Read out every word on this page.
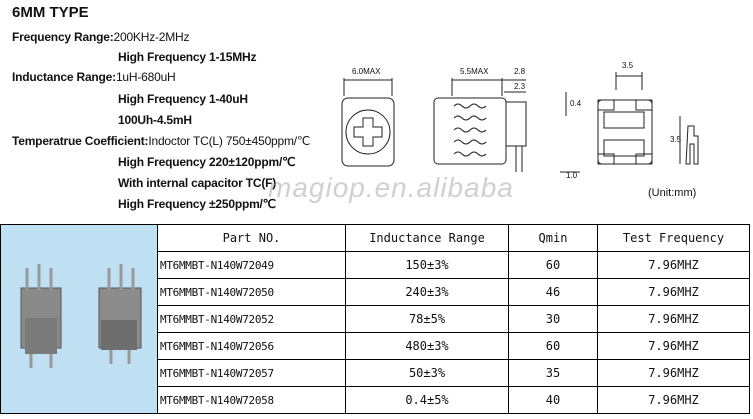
6MM TYPE
Frequency Range:200KHz-2MHz
High Frequency 1-15MHz
Inductance Range:1uH-680uH
High Frequency 1-40uH
100Uh-4.5mH
Temperatrue Coefficient:Indoctor TC(L) 750±450ppm/℃
High Frequency 220±120ppm/℃
With internal capacitor TC(F)
High Frequency ±250ppm/℃
magiop.en.alibaba
6.0MAX	5.5MAX	2.8
2.3
0.4
1.0
3.5
3.5
(Unit:mm)
	Part NO.	Inductance Range	Qmin	Test Frequency
	MT6MMBT-N140W72049	150±3%	60	7.96MHZ
	MT6MMBT-N140W72050	240±3%	46	7.96MHZ
	MT6MMBT-N140W72052	78±5%	30	7.96MHZ
	MT6MMBT-N140W72056	480±3%	60	7.96MHZ
	MT6MMBT-N140W72057	50±3%	35	7.96MHZ
	MT6MMBT-N140W72058	0.4±5%	40	7.96MHZ
